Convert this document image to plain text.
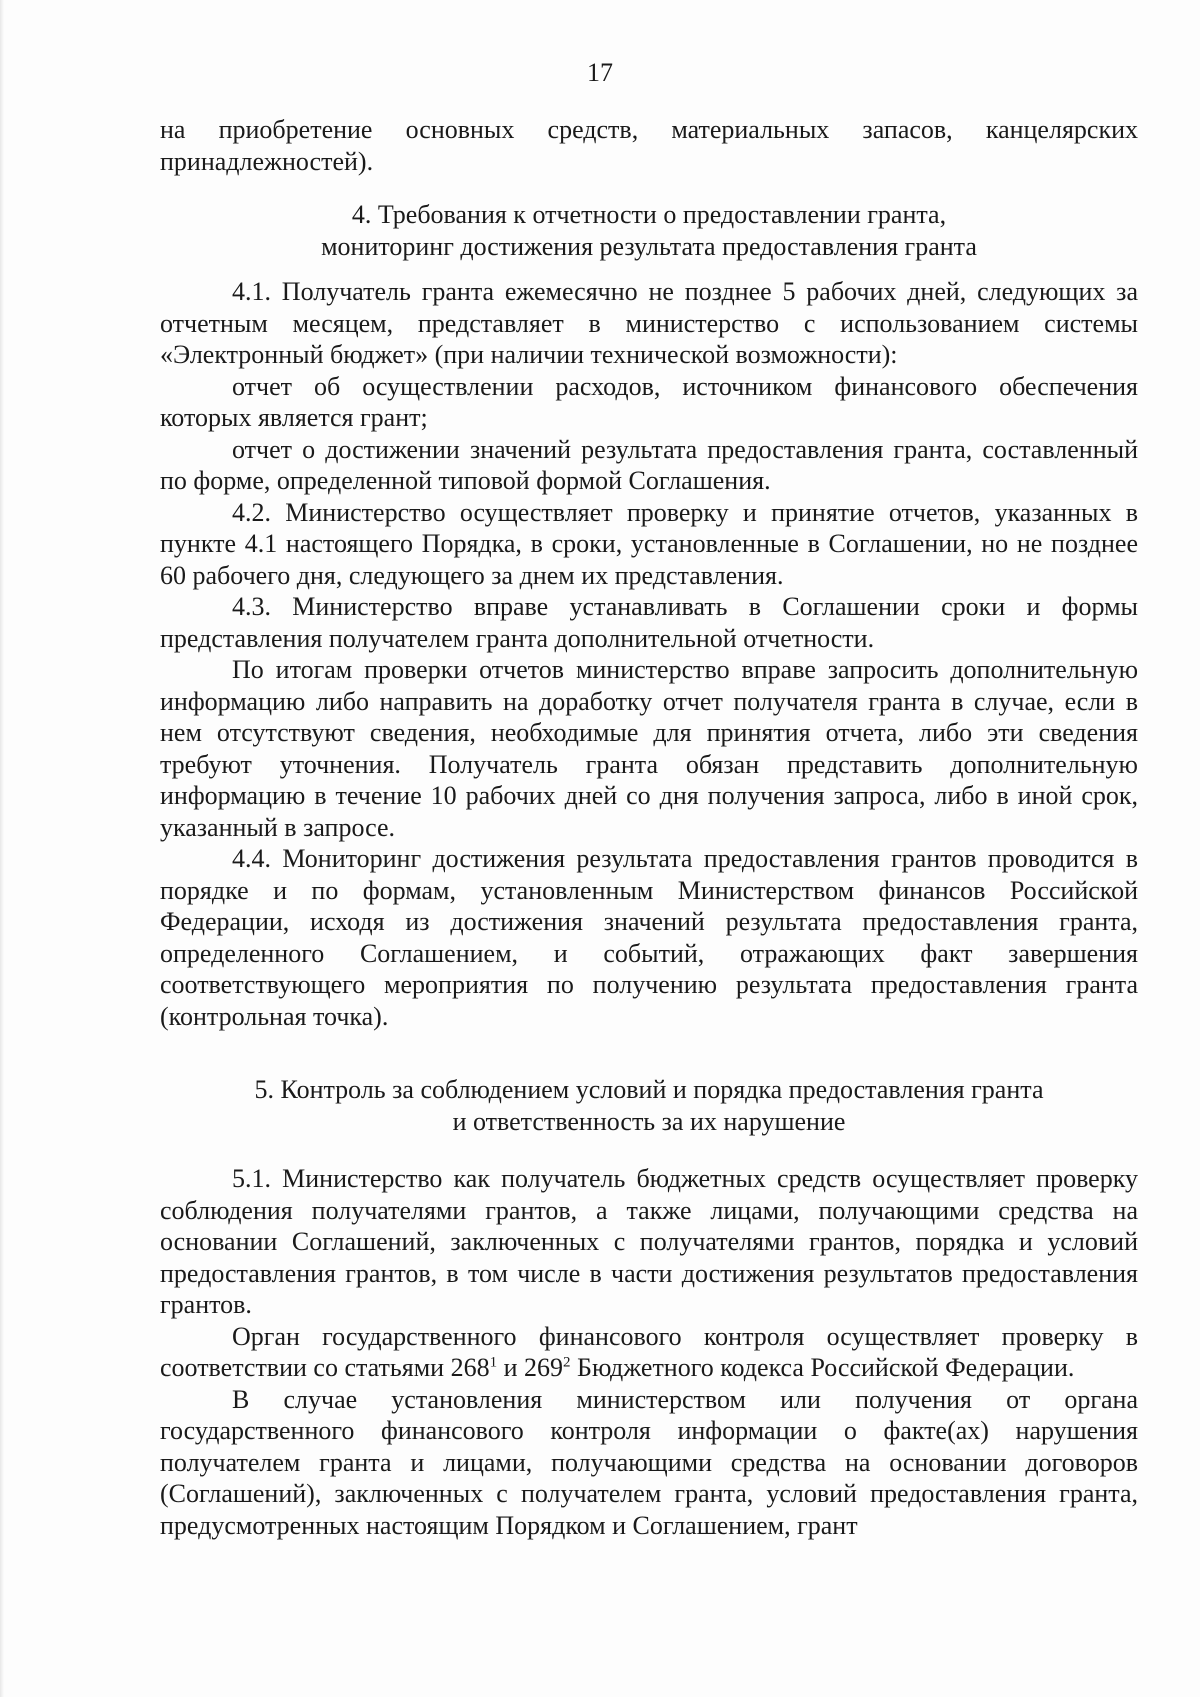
17

на приобретение основных средств, материальных запасов, канцелярских принадлежностей).

4. Требования к отчетности о предоставлении гранта,
мониторинг достижения результата предоставления гранта

4.1. Получатель гранта ежемесячно не позднее 5 рабочих дней, следующих за отчетным месяцем, представляет в министерство с использованием системы «Электронный бюджет» (при наличии технической возможности):

отчет об осуществлении расходов, источником финансового обеспечения которых является грант;

отчет о достижении значений результата предоставления гранта, составленный по форме, определенной типовой формой Соглашения.

4.2. Министерство осуществляет проверку и принятие отчетов, указанных в пункте 4.1 настоящего Порядка, в сроки, установленные в Соглашении, но не позднее 60 рабочего дня, следующего за днем их представления.

4.3. Министерство вправе устанавливать в Соглашении сроки и формы представления получателем гранта дополнительной отчетности.

По итогам проверки отчетов министерство вправе запросить дополнительную информацию либо направить на доработку отчет получателя гранта в случае, если в нем отсутствуют сведения, необходимые для принятия отчета, либо эти сведения требуют уточнения. Получатель гранта обязан представить дополнительную информацию в течение 10 рабочих дней со дня получения запроса, либо в иной срок, указанный в запросе.

4.4. Мониторинг достижения результата предоставления грантов проводится в порядке и по формам, установленным Министерством финансов Российской Федерации, исходя из достижения значений результата предоставления гранта, определенного Соглашением, и событий, отражающих факт завершения соответствующего мероприятия по получению результата предоставления гранта (контрольная точка).

5. Контроль за соблюдением условий и порядка предоставления гранта
и ответственность за их нарушение

5.1. Министерство как получатель бюджетных средств осуществляет проверку соблюдения получателями грантов, а также лицами, получающими средства на основании Соглашений, заключенных с получателями грантов, порядка и условий предоставления грантов, в том числе в части достижения результатов предоставления грантов.

Орган государственного финансового контроля осуществляет проверку в соответствии со статьями $268^1$ и $269^2$ Бюджетного кодекса Российской Федерации.

В случае установления министерством или получения от органа государственного финансового контроля информации о факте(ах) нарушения получателем гранта и лицами, получающими средства на основании договоров (Соглашений), заключенных с получателем гранта, условий предоставления гранта, предусмотренных настоящим Порядком и Соглашением, грант
